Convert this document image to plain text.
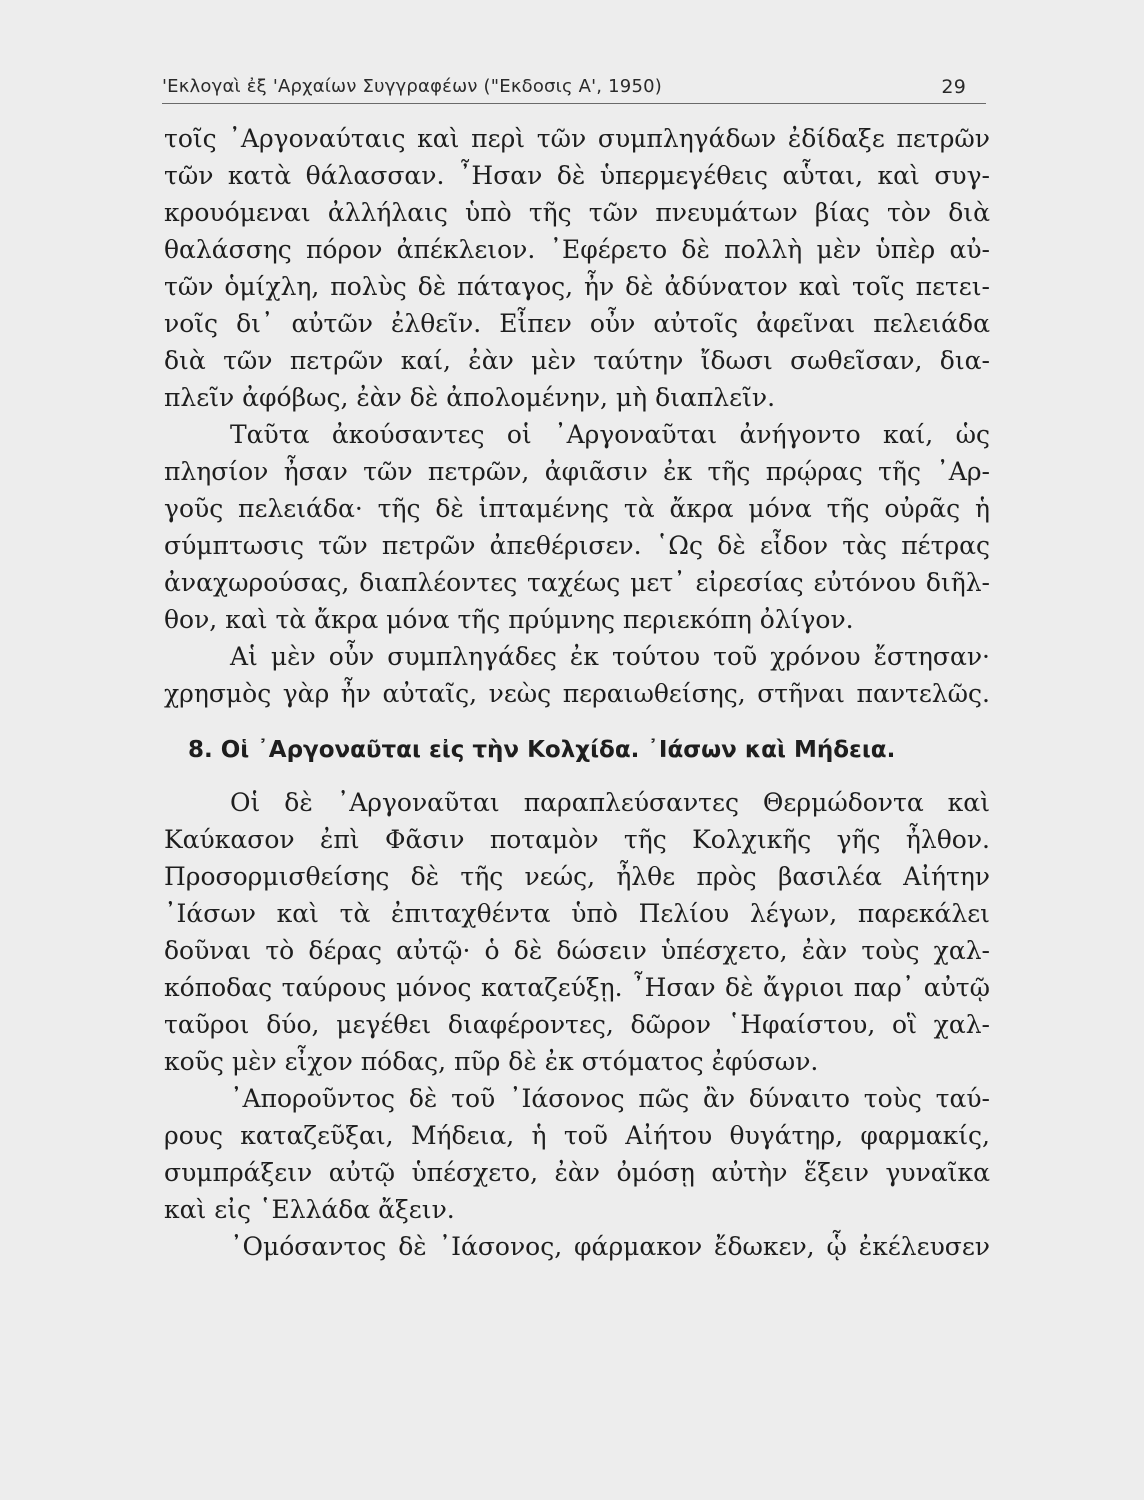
'Εκλογαὶ ἐξ 'Αρχαίων Συγγραφέων ("Εκδοσις Α', 1950)	29
τοῖς ᾽Αργοναύταις καὶ περὶ τῶν συμπληγάδων ἐδίδαξε πετρῶν
τῶν κατὰ θάλασσαν. ῏Ησαν δὲ ὑπερμεγέθεις αὗται, καὶ συγ-
κρουόμεναι ἀλλήλαις ὑπὸ τῆς τῶν πνευμάτων βίας τὸν διὰ
θαλάσσης πόρον ἀπέκλειον. ᾽Εφέρετο δὲ πολλὴ μὲν ὑπὲρ αὐ-
τῶν ὁμίχλη, πολὺς δὲ πάταγος, ἦν δὲ ἀδύνατον καὶ τοῖς πετει-
νοῖς δι᾽ αὐτῶν ἐλθεῖν. Εἶπεν οὖν αὐτοῖς ἀφεῖναι πελειάδα
διὰ τῶν πετρῶν καί, ἐὰν μὲν ταύτην ἴδωσι σωθεῖσαν, δια-
πλεῖν ἀφόβως, ἐὰν δὲ ἀπολομένην, μὴ διαπλεῖν.
Ταῦτα ἀκούσαντες οἱ ᾽Αργοναῦται ἀνήγοντο καί, ὡς
πλησίον ἦσαν τῶν πετρῶν, ἀφιᾶσιν ἐκ τῆς πρῴρας τῆς ᾽Αρ-
γοῦς πελειάδα· τῆς δὲ ἱπταμένης τὰ ἄκρα μόνα τῆς οὐρᾶς ἡ
σύμπτωσις τῶν πετρῶν ἀπεθέρισεν. ῾Ως δὲ εἶδον τὰς πέτρας
ἀναχωρούσας, διαπλέοντες ταχέως μετ᾽ εἰρεσίας εὐτόνου διῆλ-
θον, καὶ τὰ ἄκρα μόνα τῆς πρύμνης περιεκόπη ὀλίγον.
Αἱ μὲν οὖν συμπληγάδες ἐκ τούτου τοῦ χρόνου ἔστησαν·
χρησμὸς γὰρ ἦν αὐταῖς, νεὼς περαιωθείσης, στῆναι παντελῶς.
8. Οἱ ᾽Αργοναῦται εἰς τὴν Κολχίδα. ᾽Ιάσων καὶ Μήδεια.
Οἱ δὲ ᾽Αργοναῦται παραπλεύσαντες Θερμώδοντα καὶ
Καύκασον ἐπὶ Φᾶσιν ποταμὸν τῆς Κολχικῆς γῆς ἦλθον.
Προσορμισθείσης δὲ τῆς νεώς, ἦλθε πρὸς βασιλέα Αἰήτην
᾽Ιάσων καὶ τὰ ἐπιταχθέντα ὑπὸ Πελίου λέγων, παρεκάλει
δοῦναι τὸ δέρας αὐτῷ· ὁ δὲ δώσειν ὑπέσχετο, ἐὰν τοὺς χαλ-
κόποδας ταύρους μόνος καταζεύξῃ. ῏Ησαν δὲ ἄγριοι παρ᾽ αὐτῷ
ταῦροι δύο, μεγέθει διαφέροντες, δῶρον ῾Ηφαίστου, οἳ χαλ-
κοῦς μὲν εἶχον πόδας, πῦρ δὲ ἐκ στόματος ἐφύσων.
᾽Αποροῦντος δὲ τοῦ ᾽Ιάσονος πῶς ἂν δύναιτο τοὺς ταύ-
ρους καταζεῦξαι, Μήδεια, ἡ τοῦ Αἰήτου θυγάτηρ, φαρμακίς,
συμπράξειν αὐτῷ ὑπέσχετο, ἐὰν ὀμόσῃ αὐτὴν ἕξειν γυναῖκα
καὶ εἰς ῾Ελλάδα ἄξειν.
᾽Ομόσαντος δὲ ᾽Ιάσονος, φάρμακον ἔδωκεν, ᾧ ἐκέλευσεν
